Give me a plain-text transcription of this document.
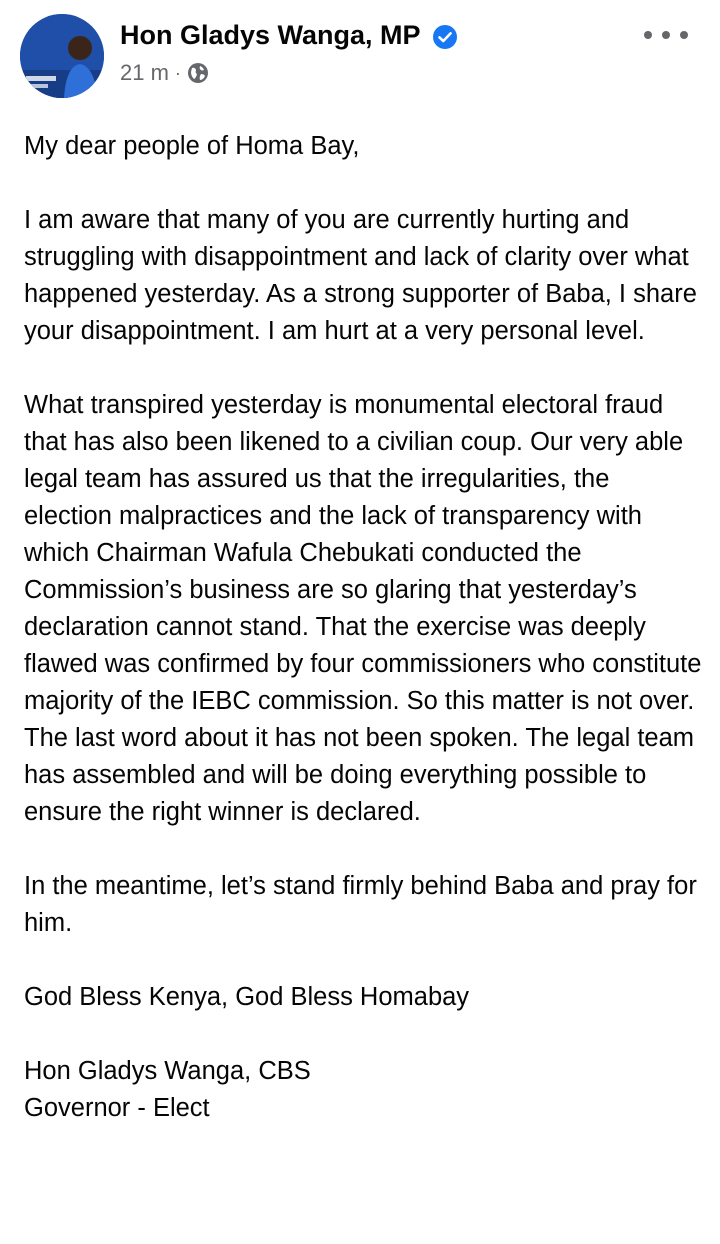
Hon Gladys Wanga, MP
21 m ·

My dear people of Homa Bay,

I am aware that many of you are currently hurting and struggling with disappointment and lack of clarity over what happened yesterday. As a strong supporter of Baba, I share your disappointment. I am hurt at a very personal level.

What transpired yesterday is monumental electoral fraud that has also been likened to a civilian coup. Our very able legal team has assured us that the irregularities, the election malpractices and the lack of transparency with which Chairman Wafula Chebukati conducted the Commission’s business are so glaring that yesterday’s declaration cannot stand. That the exercise was deeply flawed was confirmed by four commissioners who constitute majority of the IEBC commission. So this matter is not over. The last word about it has not been spoken. The legal team has assembled and will be doing everything possible to ensure the right winner is declared.

In the meantime, let’s stand firmly behind Baba and pray for him.

God Bless Kenya, God Bless Homabay

Hon Gladys Wanga, CBS

Governor - Elect
